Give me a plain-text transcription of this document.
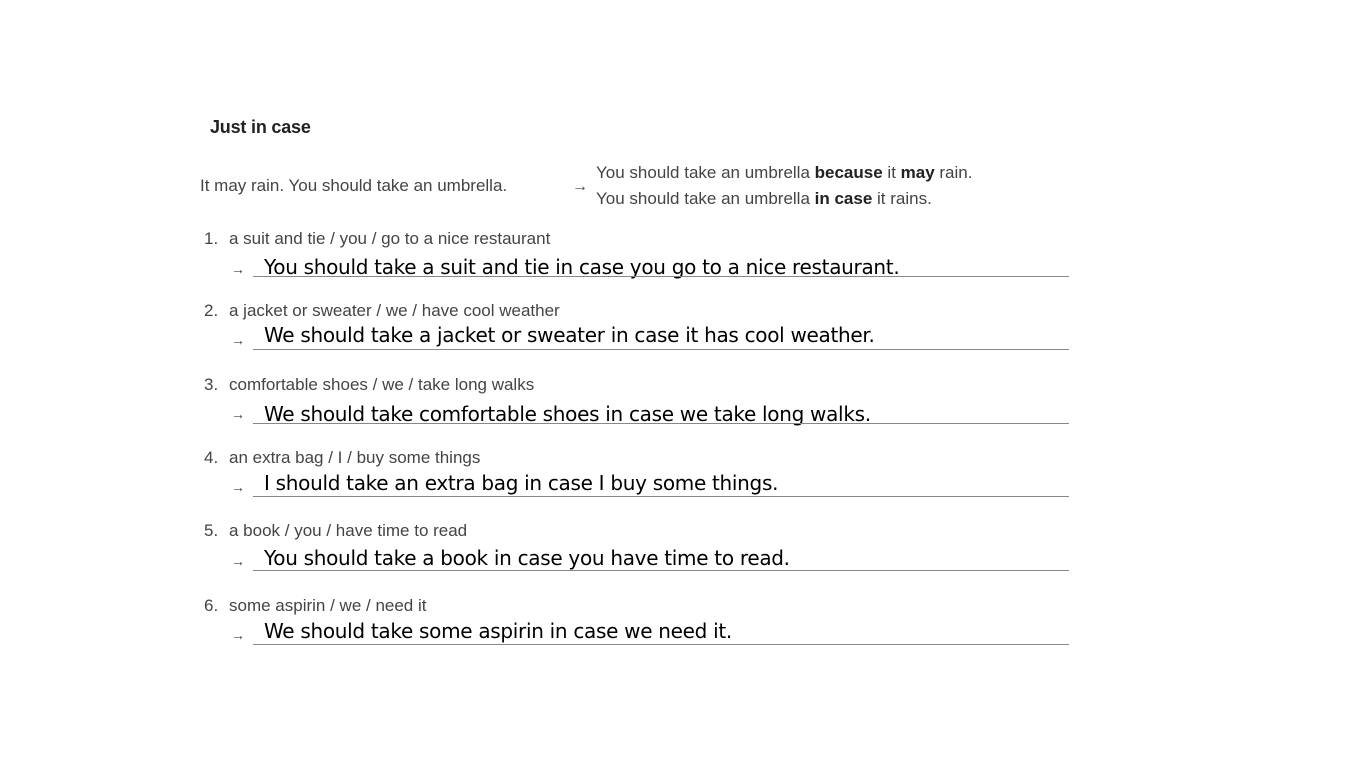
Just in case
It may rain. You should take an umbrella.	→
You should take an umbrella because it may rain.
You should take an umbrella in case it rains.
1. a suit and tie / you / go to a nice restaurant
→ You should take a suit and tie in case you go to a nice restaurant.
2. a jacket or sweater / we / have cool weather
→ We should take a jacket or sweater in case it has cool weather.
3. comfortable shoes / we / take long walks
→ We should take comfortable shoes in case we take long walks.
4. an extra bag / I / buy some things
→ I should take an extra bag in case I buy some things.
5. a book / you / have time to read
→ You should take a book in case you have time to read.
6. some aspirin / we / need it
→ We should take some aspirin in case we need it.
